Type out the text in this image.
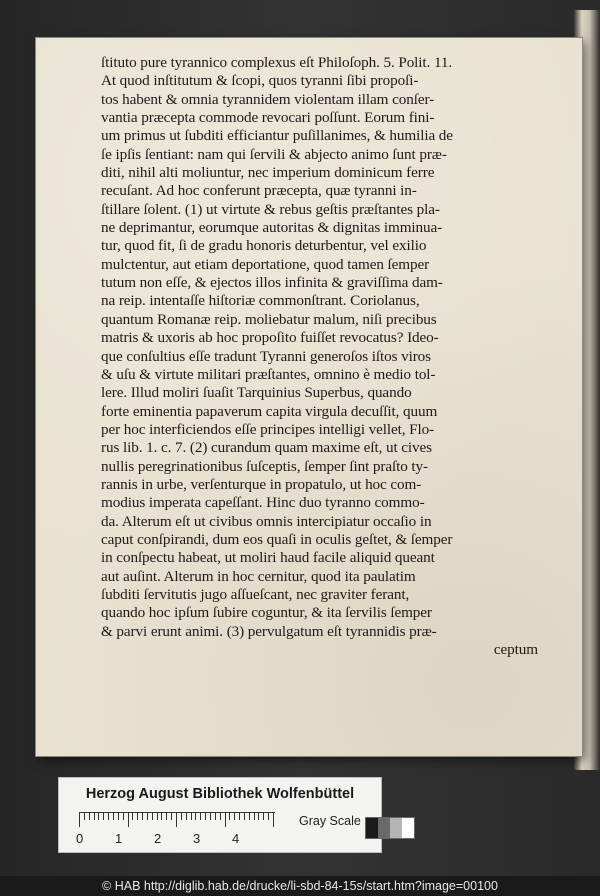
ſtituto pure tyrannico complexus eſt Philoſoph. 5. Polit. 11.
At quod inſtitutum & ſcopi, quos tyranni ſibi propoſi-
tos habent & omnia tyrannidem violentam illam conſer-
vantia præcepta commode revocari poſſunt. Eorum fini-
um primus ut ſubditi efficiantur puſillanimes, & humilia de
ſe ipſis ſentiant: nam qui ſervili & abjecto animo ſunt præ-
diti, nihil alti moliuntur, nec imperium dominicum ferre
recuſant. Ad hoc conferunt præcepta, quæ tyranni in-
ſtillare ſolent. (1) ut virtute & rebus geſtis præſtantes pla-
ne deprimantur, eorumque autoritas & dignitas imminua-
tur, quod fit, ſi de gradu honoris deturbentur, vel exilio
mulctentur, aut etiam deportatione, quod tamen ſemper
tutum non eſſe, & ejectos illos infinita & graviſſima dam-
na reip. intentaſſe hiſtoriæ commonſtrant. Coriolanus,
quantum Romanæ reip. moliebatur malum, niſi precibus
matris & uxoris ab hoc propoſito fuiſſet revocatus? Ideo-
que conſultius eſſe tradunt Tyranni generoſos iſtos viros
& uſu & virtute militari præſtantes, omnino è medio tol-
lere. Illud moliri ſuaſit Tarquinius Superbus, quando
forte eminentia papaverum capita virgula decuſſit, quum
per hoc interficiendos eſſe principes intelligi vellet, Flo-
rus lib. 1. c. 7. (2) curandum quam maxime eſt, ut cives
nullis peregrinationibus ſuſceptis, ſemper ſint praſto ty-
rannis in urbe, verſenturque in propatulo, ut hoc com-
modius imperata capeſſant. Hinc duo tyranno commo-
da. Alterum eſt ut civibus omnis intercipiatur occaſio in
caput conſpirandi, dum eos quaſi in oculis geſtet, & ſemper
in conſpectu habeat, ut moliri haud facile aliquid queant
aut auſint. Alterum in hoc cernitur, quod ita paulatim
ſubditi ſervitutis jugo aſſueſcant, nec graviter ferant,
quando hoc ipſum ſubire coguntur, & ita ſervilis ſemper
& parvi erunt animi. (3) pervulgatum eſt tyrannidis præ-
ceptum
Herzog August Bibliothek Wolfenbüttel
0 1 2 3 4
Gray Scale
© HAB http://diglib.hab.de/drucke/li-sbd-84-15s/start.htm?image=00100
